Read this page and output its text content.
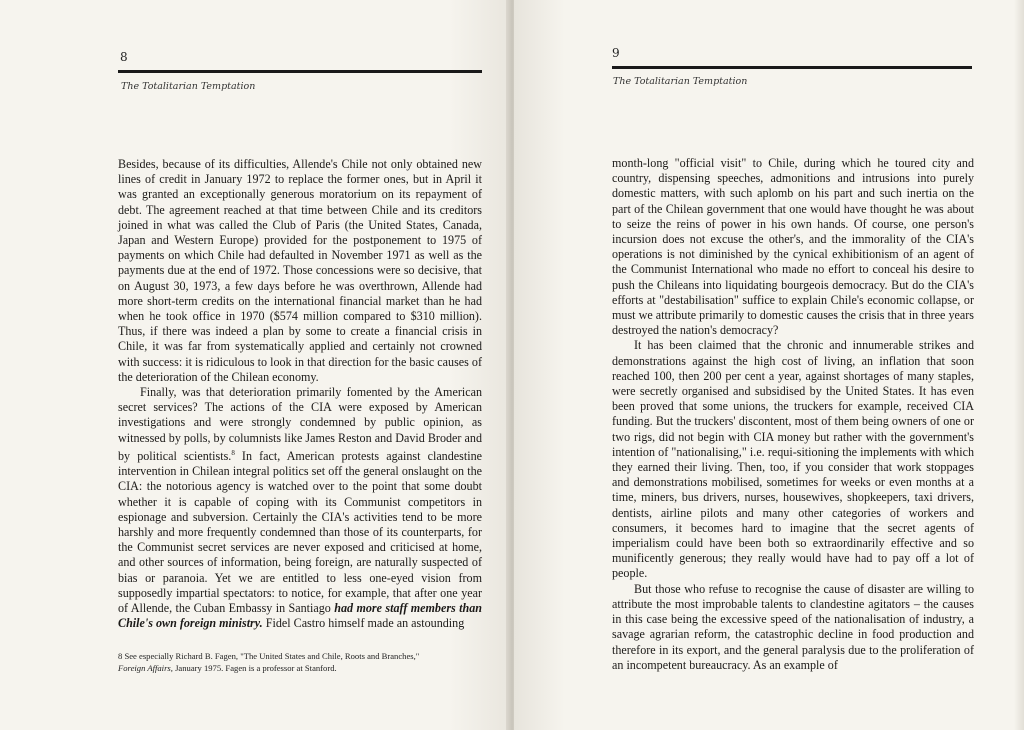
8
The Totalitarian Temptation

Besides, because of its difficulties, Allende's Chile not only obtained new lines of credit in January 1972 to replace the former ones, but in April it was granted an exceptionally generous moratorium on its repayment of debt. The agreement reached at that time between Chile and its creditors joined in what was called the Club of Paris (the United States, Canada, Japan and Western Europe) provided for the postponement to 1975 of payments on which Chile had defaulted in November 1971 as well as the payments due at the end of 1972. Those concessions were so decisive, that on August 30, 1973, a few days before he was overthrown, Allende had more short-term credits on the international financial market than he had when he took office in 1970 ($574 million compared to $310 million). Thus, if there was indeed a plan by some to create a financial crisis in Chile, it was far from systematically applied and certainly not crowned with success: it is ridiculous to look in that direction for the basic causes of the deterioration of the Chilean economy.

Finally, was that deterioration primarily fomented by the American secret services? The actions of the CIA were exposed by American investigations and were strongly condemned by public opinion, as witnessed by polls, by columnists like James Reston and David Broder and by political scientists.$^8$ In fact, American protests against clandestine intervention in Chilean integral politics set off the general onslaught on the CIA: the notorious agency is watched over to the point that some doubt whether it is capable of coping with its Communist competitors in espionage and subversion. Certainly the CIA's activities tend to be more harshly and more frequently condemned than those of its counterparts, for the Communist secret services are never exposed and criticised at home, and other sources of information, being foreign, are naturally suspected of bias or paranoia. Yet we are entitled to less one-eyed vision from supposedly impartial spectators: to notice, for example, that after one year of Allende, the Cuban Embassy in Santiago had more staff members than Chile's own foreign ministry. Fidel Castro himself made an astounding

8 See especially Richard B. Fagen, "The United States and Chile, Roots and Branches,"
Foreign Affairs, January 1975. Fagen is a professor at Stanford.
9
The Totalitarian Temptation

month-long "official visit" to Chile, during which he toured city and country, dispensing speeches, admonitions and intrusions into purely domestic matters, with such aplomb on his part and such inertia on the part of the Chilean government that one would have thought he was about to seize the reins of power in his own hands. Of course, one person's incursion does not excuse the other's, and the immorality of the CIA's operations is not diminished by the cynical exhibitionism of an agent of the Communist International who made no effort to conceal his desire to push the Chileans into liquidating bourgeois democracy. But do the CIA's efforts at "destabilisation" suffice to explain Chile's economic collapse, or must we attribute primarily to domestic causes the crisis that in three years destroyed the nation's democracy?

It has been claimed that the chronic and innumerable strikes and demonstrations against the high cost of living, an inflation that soon reached 100, then 200 per cent a year, against shortages of many staples, were secretly organised and subsidised by the United States. It has even been proved that some unions, the truckers for example, received CIA funding. But the truckers' discontent, most of them being owners of one or two rigs, did not begin with CIA money but rather with the government's intention of "nationalising," i.e. requi-sitioning the implements with which they earned their living. Then, too, if you consider that work stoppages and demonstrations mobilised, sometimes for weeks or even months at a time, miners, bus drivers, nurses, housewives, shopkeepers, taxi drivers, dentists, airline pilots and many other categories of workers and consumers, it becomes hard to imagine that the secret agents of imperialism could have been both so extraordinarily effective and so munificently generous; they really would have had to pay off a lot of people.

But those who refuse to recognise the cause of disaster are willing to attribute the most improbable talents to clandestine agitators – the causes in this case being the excessive speed of the nationalisation of industry, a savage agrarian reform, the catastrophic decline in food production and therefore in its export, and the general paralysis due to the proliferation of an incompetent bureaucracy. As an example of
